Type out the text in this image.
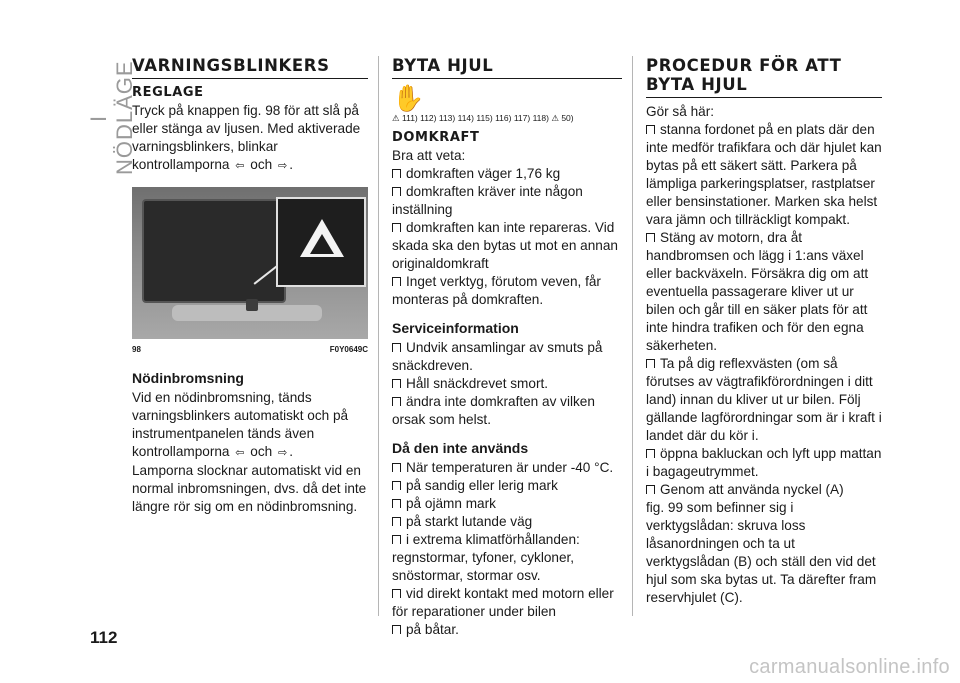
I NÖDLÄGE
112
VARNINGSBLINKERS
REGLAGE

Tryck på knappen fig. 98 för att slå på eller stänga av ljusen. Med aktiverade varningsblinkers, blinkar kontrollamporna ⇦ och ⇨ .

98	F0Y0649C
Nödinbromsning

Vid en nödinbromsning, tänds varningsblinkers automatiskt och på instrumentpanelen tänds även kontrollamporna ⇦ och ⇨ .

Lamporna slocknar automatiskt vid en normal inbromsningen, dvs. då det inte längre rör sig om en nödinbromsning.

BYTA HJUL
✋
⚠ 111) 112) 113) 114) 115) 116) 117) 118) ⚠ 50)
DOMKRAFT

Bra att veta:

domkraften väger 1,76 kg

domkraften kräver inte någon inställning

domkraften kan inte repareras. Vid skada ska den bytas ut mot en annan originaldomkraft

Inget verktyg, förutom veven, får monteras på domkraften.

Serviceinformation

Undvik ansamlingar av smuts på snäckdreven.

Håll snäckdrevet smort.

ändra inte domkraften av vilken orsak som helst.

Då den inte används

När temperaturen är under -40 °C.

på sandig eller lerig mark

på ojämn mark

på starkt lutande väg

i extrema klimatförhållanden: regnstormar, tyfoner, cykloner, snöstormar, stormar osv.

vid direkt kontakt med motorn eller för reparationer under bilen

på båtar.

PROCEDUR FÖR ATT BYTA HJUL

Gör så här:

stanna fordonet på en plats där den inte medför trafikfara och där hjulet kan bytas på ett säkert sätt. Parkera på lämpliga parkeringsplatser, rastplatser eller bensinstationer. Marken ska helst vara jämn och tillräckligt kompakt.

Stäng av motorn, dra åt handbromsen och lägg i 1:ans växel eller backväxeln. Försäkra dig om att eventuella passagerare kliver ut ur bilen och går till en säker plats för att inte hindra trafiken och för den egna säkerheten.

Ta på dig reflexvästen (om så förutses av vägtrafikförordningen i ditt land) innan du kliver ut ur bilen. Följ gällande lagförordningar som är i kraft i landet där du kör i.

öppna bakluckan och lyft upp mattan i bagageutrymmet.

Genom att använda nyckel (A)

fig. 99 som befinner sig i verktygslådan: skruva loss låsanordningen och ta ut verktygslådan (B) och ställ den vid det hjul som ska bytas ut. Ta därefter fram reservhjulet (C).

carmanualsonline.info
